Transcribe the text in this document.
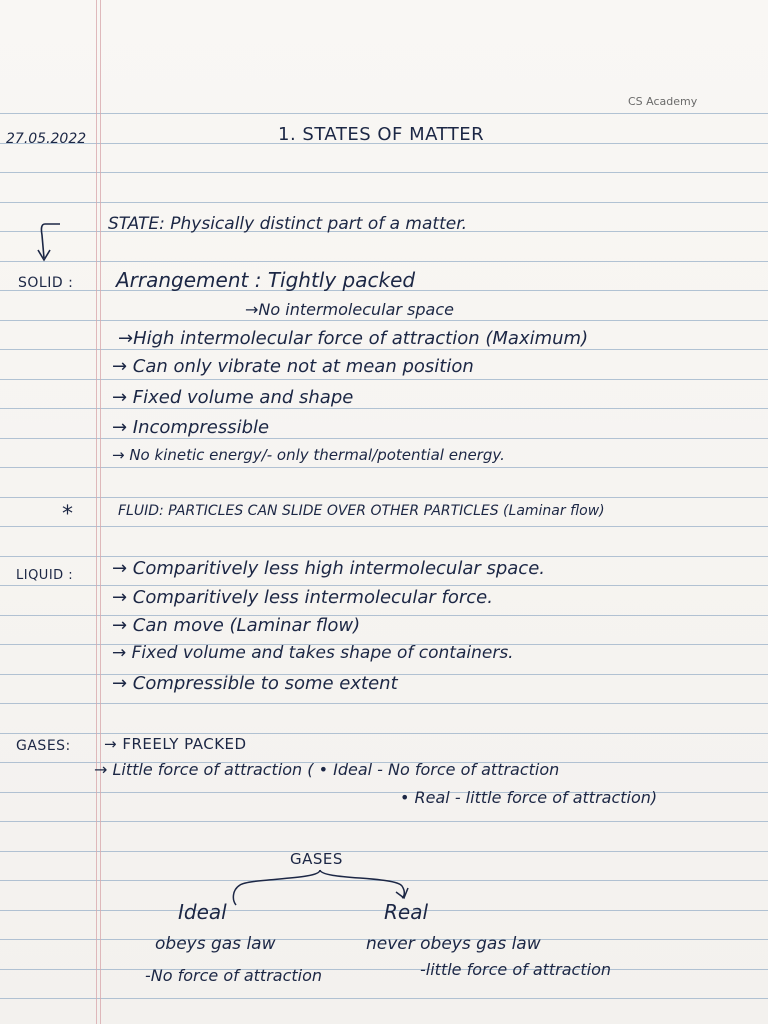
CS Academy
27.05.2022	1. STATES OF MATTER
STATE: Physically distinct part of a matter.
SOLID : Arrangement : Tightly packed
→No intermolecular space
→High intermolecular force of attraction (Maximum)
→ Can only vibrate not at mean position
→ Fixed volume and shape
→ Incompressible
→ No kinetic energy/- only thermal/potential energy.
*	FLUID: PARTICLES CAN SLIDE OVER OTHER PARTICLES (Laminar flow)
LIQUID : → Comparitively less high intermolecular space.
→ Comparitively less intermolecular force.
→ Can move (Laminar flow)
→ Fixed volume and takes shape of containers.
→ Compressible to some extent
GASES: → FREELY PACKED
→ Little force of attraction ( • Ideal - No force of attraction
• Real - little force of attraction)
GASES
Ideal	Real
obeys gas law	never obeys gas law
-No force of attraction	-little force of attraction
